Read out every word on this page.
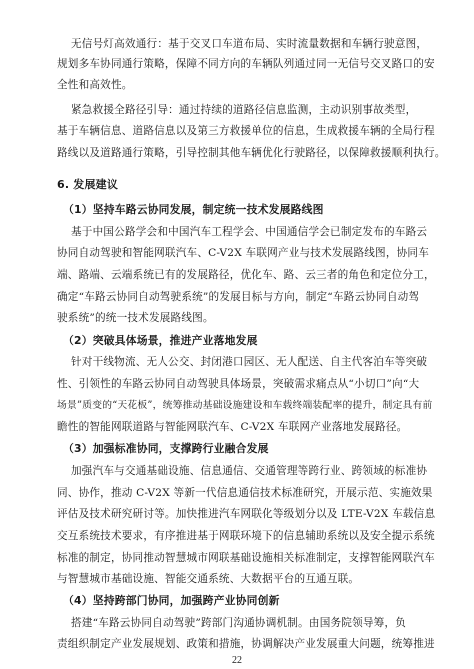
无信号灯高效通行：基于交叉口车道布局、实时流量数据和车辆行驶意图，
规划多车协同通行策略，保障不同方向的车辆队列通过同一无信号交叉路口的安
全性和高效性。
紧急救援全路径引导：通过持续的道路径信息监测，主动识别事故类型，
基于车辆信息、道路信息以及第三方救援单位的信息，生成救援车辆的全局行程
路线以及道路通行策略，引导控制其他车辆优化行驶路径，以保障救援顺利执行。
6. 发展建议
（1）坚持车路云协同发展，制定统一技术发展路线图
基于中国公路学会和中国汽车工程学会、中国通信学会已制定发布的车路云
协同自动驾驶和智能网联汽车、C-V2X 车联网产业与技术发展路线图，协同车
端、路端、云端系统已有的发展路径，优化车、路、云三者的角色和定位分工，
确定“车路云协同自动驾驶系统”的发展目标与方向，制定“车路云协同自动驾
驶系统”的统一技术发展路线图。
（2）突破具体场景，推进产业落地发展
针对干线物流、无人公交、封闭港口园区、无人配送、自主代客泊车等突破
性、引领性的车路云协同自动驾驶具体场景，突破需求痛点从“小切口”向“大
场景”质变的“天花板”，统筹推动基础设施建设和车载终端装配率的提升，制定具有前
瞻性的智能网联道路与智能网联汽车、C-V2X 车联网产业落地发展路径。
（3）加强标准协同，支撑跨行业融合发展
加强汽车与交通基础设施、信息通信、交通管理等跨行业、跨领域的标准协
同、协作，推动 C-V2X 等新一代信息通信技术标准研究，开展示范、实施效果
评估及技术研究研讨等。加快推进汽车网联化等级划分以及 LTE-V2X 车载信息
交互系统技术要求，有序推进基于网联环境下的信息辅助系统以及安全提示系统
标准的制定，协同推动智慧城市网联基础设施相关标准制定，支撑智能网联汽车
与智慧城市基础设施、智能交通系统、大数据平台的互通互联。
（4）坚持跨部门协同，加强跨产业协同创新
搭建“车路云协同自动驾驶”跨部门沟通协调机制。由国务院领导筹，负
责组织制定产业发展规划、政策和措施，协调解决产业发展重大问题，统筹推进
22
